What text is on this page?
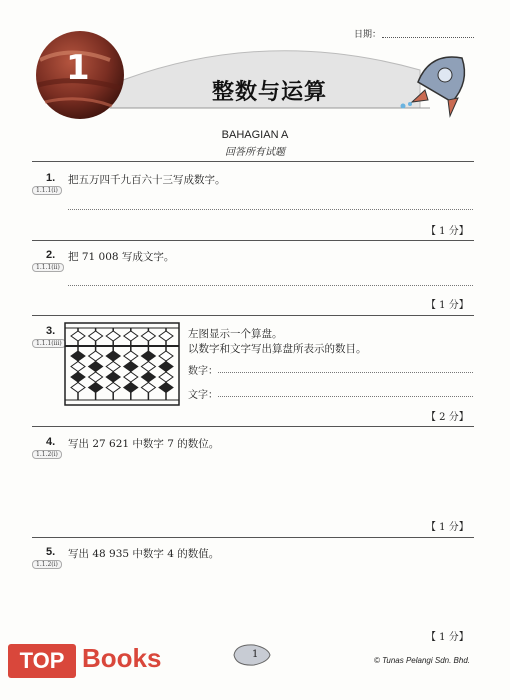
日期：
1
整数与运算
BAHAGIAN A
回答所有试题
1. 把五万四千九百六十三写成数字。
1.1.1(i)
【 1 分】
2. 把 71 008 写成文字。
1.1.1(ii)
【 1 分】
3.
1.1.1(iii)
左图显示一个算盘。
以数字和文字写出算盘所表示的数目。
数字：
文字：
【 2 分】
4. 写出 27 621 中数字 7 的数位。
1.1.2(i)
【 1 分】
5. 写出 48 935 中数字 4 的数值。
1.1.2(i)
【 1 分】
TOP Books	1
© Tunas Pelangi Sdn. Bhd.
